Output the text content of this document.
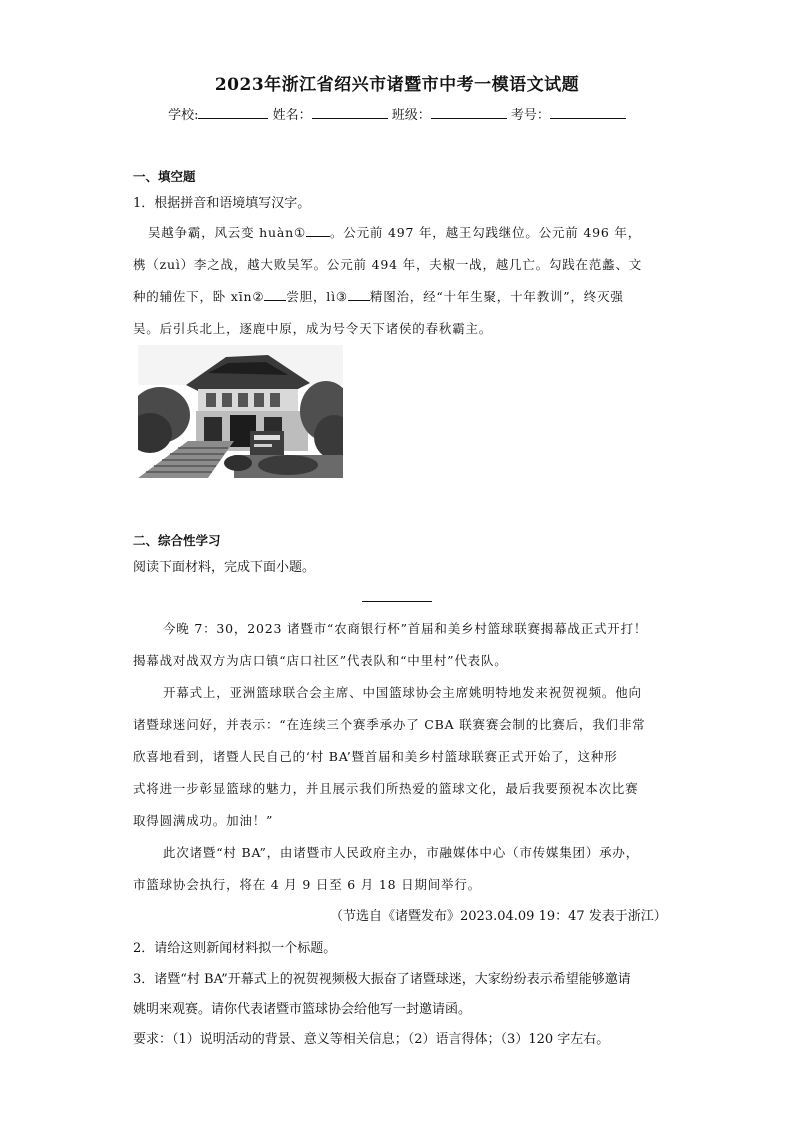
2023年浙江省绍兴市诸暨市中考一模语文试题
学校:	姓名：	班级：	考号：
一、填空题
1．根据拼音和语境填写汉字。
吴越争霸，风云变 huàn① 。公元前 497 年，越王勾践继位。公元前 496 年，
槜（zuì）李之战，越大败吴军。公元前 494 年，夫椒一战，越几亡。勾践在范蠡、文
种的辅佐下，卧 xīn② 尝胆，lì③ 精图治，经“十年生聚，十年教训”，终灭强
吴。后引兵北上，逐鹿中原，成为号令天下诸侯的春秋霸主。
二、综合性学习
阅读下面材料，完成下面小题。
今晚 7：30，2023 诸暨市“农商银行杯”首届和美乡村篮球联赛揭幕战正式开打！
揭幕战对战双方为店口镇“店口社区”代表队和“中里村”代表队。
开幕式上，亚洲篮球联合会主席、中国篮球协会主席姚明特地发来祝贺视频。他向
诸暨球迷问好，并表示：“在连续三个赛季承办了 CBA 联赛赛会制的比赛后，我们非常
欣喜地看到，诸暨人民自己的‘村 BA’暨首届和美乡村篮球联赛正式开始了，这种形
式将进一步彰显篮球的魅力，并且展示我们所热爱的篮球文化，最后我要预祝本次比赛
取得圆满成功。加油！”
此次诸暨“村 BA”，由诸暨市人民政府主办，市融媒体中心（市传媒集团）承办，
市篮球协会执行，将在 4 月 9 日至 6 月 18 日期间举行。
（节选自《诸暨发布》2023.04.09 19：47 发表于浙江）
2．请给这则新闻材料拟一个标题。
3．诸暨“村 BA”开幕式上的祝贺视频极大振奋了诸暨球迷，大家纷纷表示希望能够邀请
姚明来观赛。请你代表诸暨市篮球协会给他写一封邀请函。
要求：（1）说明活动的背景、意义等相关信息；（2）语言得体；（3）120 字左右。
